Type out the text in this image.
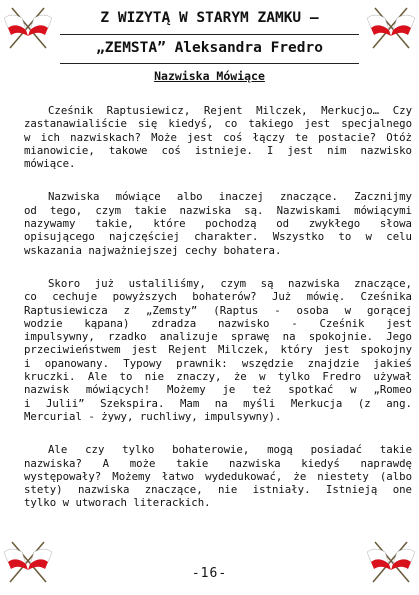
Z WIZYTĄ W STARYM ZAMKU –
„ZEMSTA” Aleksandra Fredro
Nazwiska Mówiące
Cześnik Raptusiewicz, Rejent Milczek, Merkucjo… Czy
zastanawialiście się kiedyś, co takiego jest specjalnego
w ich nazwiskach? Może jest coś łączy te postacie? Otóż
mianowicie, takowe coś istnieje. I jest nim nazwisko
mówiące.
Nazwiska mówiące albo inaczej znaczące. Zacznijmy
od tego, czym takie nazwiska są. Nazwiskami mówiącymi
nazywamy takie, które pochodzą od zwykłego słowa
opisującego najczęściej charakter. Wszystko to w celu
wskazania najważniejszej cechy bohatera.
Skoro już ustaliliśmy, czym są nazwiska znaczące,
co cechuje powyższych bohaterów? Już mówię. Cześnika
Raptusiewicza z „Zemsty” (Raptus - osoba w gorącej
wodzie kąpana) zdradza nazwisko - Cześnik jest
impulsywny, rzadko analizuje sprawę na spokojnie. Jego
przeciwieństwem jest Rejent Milczek, który jest spokojny
i opanowany. Typowy prawnik: wszędzie znajdzie jakieś
kruczki. Ale to nie znaczy, że w tylko Fredro używał
nazwisk mówiących! Możemy je też spotkać w „Romeo
i Julii” Szekspira. Mam na myśli Merkucja (z ang.
Mercurial - żywy, ruchliwy, impulsywny).
Ale czy tylko bohaterowie, mogą posiadać takie
nazwiska? A może takie nazwiska kiedyś naprawdę
występowały? Możemy łatwo wydedukować, że niestety (albo
stety) nazwiska znaczące, nie istniały. Istnieją one
tylko w utworach literackich.
-16-
